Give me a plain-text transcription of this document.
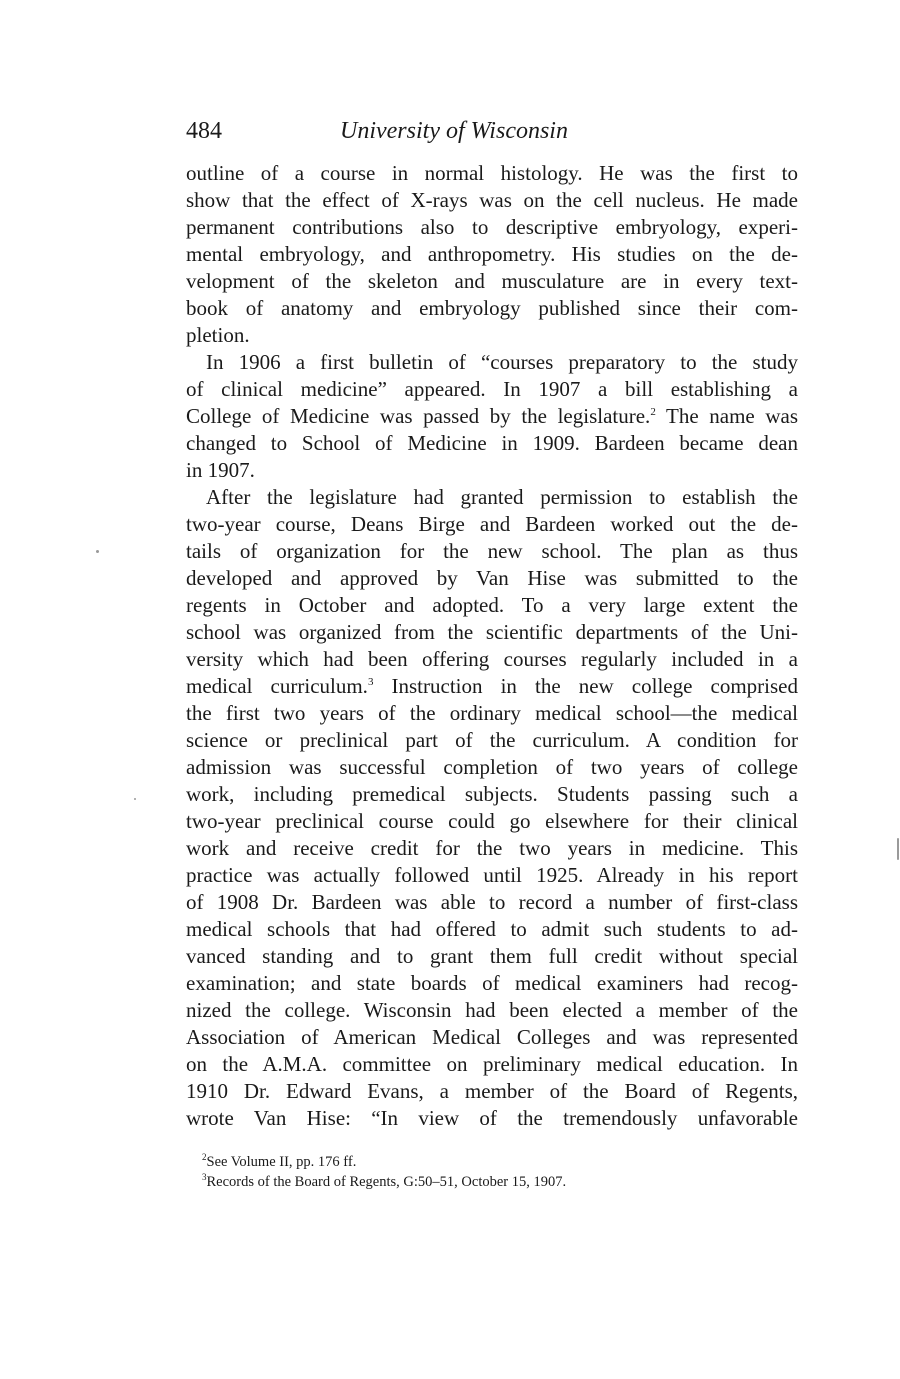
484	University of Wisconsin
outline of a course in normal histology. He was the first to
show that the effect of X-rays was on the cell nucleus. He made
permanent contributions also to descriptive embryology, experi-
mental embryology, and anthropometry. His studies on the de-
velopment of the skeleton and musculature are in every text-
book of anatomy and embryology published since their com-
pletion.
In 1906 a first bulletin of “courses preparatory to the study
of clinical medicine” appeared. In 1907 a bill establishing a
College of Medicine was passed by the legislature.$^2$ The name was
changed to School of Medicine in 1909. Bardeen became dean
in 1907.
After the legislature had granted permission to establish the
two-year course, Deans Birge and Bardeen worked out the de-
tails of organization for the new school. The plan as thus
developed and approved by Van Hise was submitted to the
regents in October and adopted. To a very large extent the
school was organized from the scientific departments of the Uni-
versity which had been offering courses regularly included in a
medical curriculum.$^3$ Instruction in the new college comprised
the first two years of the ordinary medical school—the medical
science or preclinical part of the curriculum. A condition for
admission was successful completion of two years of college
work, including premedical subjects. Students passing such a
two-year preclinical course could go elsewhere for their clinical
work and receive credit for the two years in medicine. This
practice was actually followed until 1925. Already in his report
of 1908 Dr. Bardeen was able to record a number of first-class
medical schools that had offered to admit such students to ad-
vanced standing and to grant them full credit without special
examination; and state boards of medical examiners had recog-
nized the college. Wisconsin had been elected a member of the
Association of American Medical Colleges and was represented
on the A.M.A. committee on preliminary medical education. In
1910 Dr. Edward Evans, a member of the Board of Regents,
wrote Van Hise: “In view of the tremendously unfavorable
$^2$See Volume II, pp. 176 ff.
$^3$Records of the Board of Regents, G:50–51, October 15, 1907.
